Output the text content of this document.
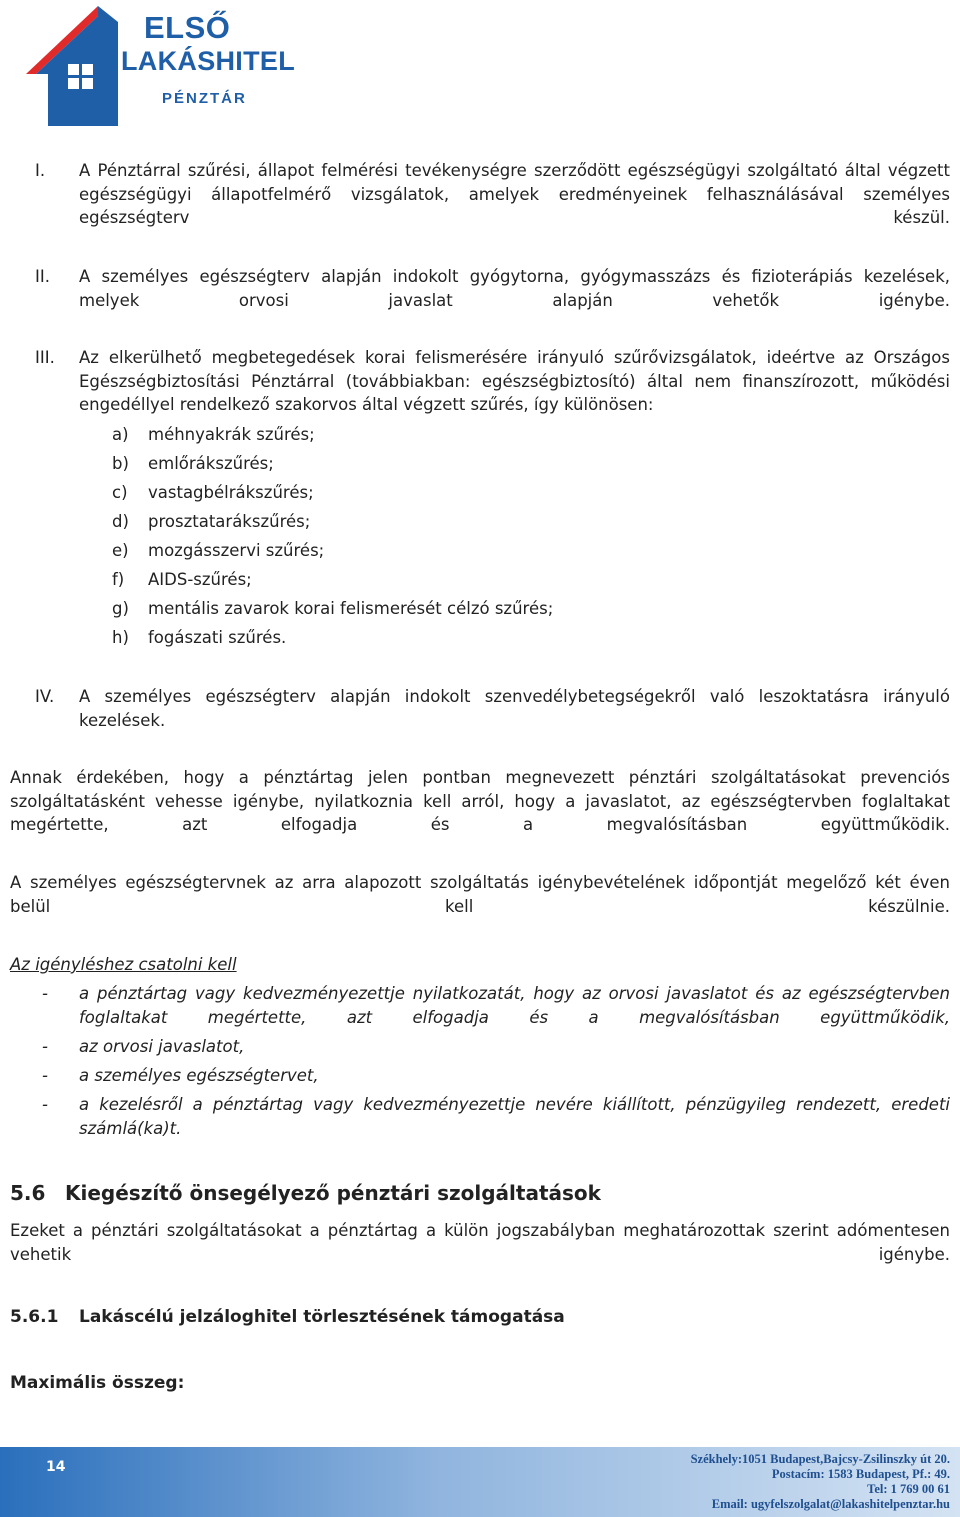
ELSŐ
LAKÁSHITEL
PÉNZTÁR

I. A Pénztárral szűrési, állapot felmérési tevékenységre szerződött egészségügyi szolgáltató által végzett egészségügyi állapotfelmérő vizsgálatok, amelyek eredményeinek felhasználásával személyes egészségterv készül.

II. A személyes egészségterv alapján indokolt gyógytorna, gyógymasszázs és fizioterápiás kezelések, melyek orvosi javaslat alapján vehetők igénybe.

III. Az elkerülhető megbetegedések korai felismerésére irányuló szűrővizsgálatok, ideértve az Országos Egészségbiztosítási Pénztárral (továbbiakban: egészségbiztosító) által nem finanszírozott, működési engedéllyel rendelkező szakorvos által végzett szűrés, így különösen:

a) méhnyakrák szűrés;

b) emlőrákszűrés;

c) vastagbélrákszűrés;

d) prosztatarákszűrés;

e) mozgásszervi szűrés;

f) AIDS-szűrés;

g) mentális zavarok korai felismerését célzó szűrés;

h) fogászati szűrés.

IV. A személyes egészségterv alapján indokolt szenvedélybetegségekről való leszoktatásra irányuló kezelések.

Annak érdekében, hogy a pénztártag jelen pontban megnevezett pénztári szolgáltatásokat prevenciós szolgáltatásként vehesse igénybe, nyilatkoznia kell arról, hogy a javaslatot, az egészségtervben foglaltakat megértette, azt elfogadja és a megvalósításban együttműködik.

A személyes egészségtervnek az arra alapozott szolgáltatás igénybevételének időpontját megelőző két éven belül kell készülnie.

Az igényléshez csatolni kell

- a pénztártag vagy kedvezményezettje nyilatkozatát, hogy az orvosi javaslatot és az egészségtervben foglaltakat megértette, azt elfogadja és a megvalósításban együttműködik,

- az orvosi javaslatot,

- a személyes egészségtervet,

- a kezelésről a pénztártag vagy kedvezményezettje nevére kiállított, pénzügyileg rendezett, eredeti számlá(ka)t.

5.6 Kiegészítő önsegélyező pénztári szolgáltatások

Ezeket a pénztári szolgáltatásokat a pénztártag a külön jogszabályban meghatározottak szerint adómentesen vehetik igénybe.

5.6.1 Lakáscélú jelzáloghitel törlesztésének támogatása

Maximális összeg:

14	Székhely:1051 Budapest,Bajcsy-Zsilinszky út 20.
Postacím: 1583 Budapest, Pf.: 49.
Tel: 1 769 00 61
Email: ugyfelszolgalat@lakashitelpenztar.hu
